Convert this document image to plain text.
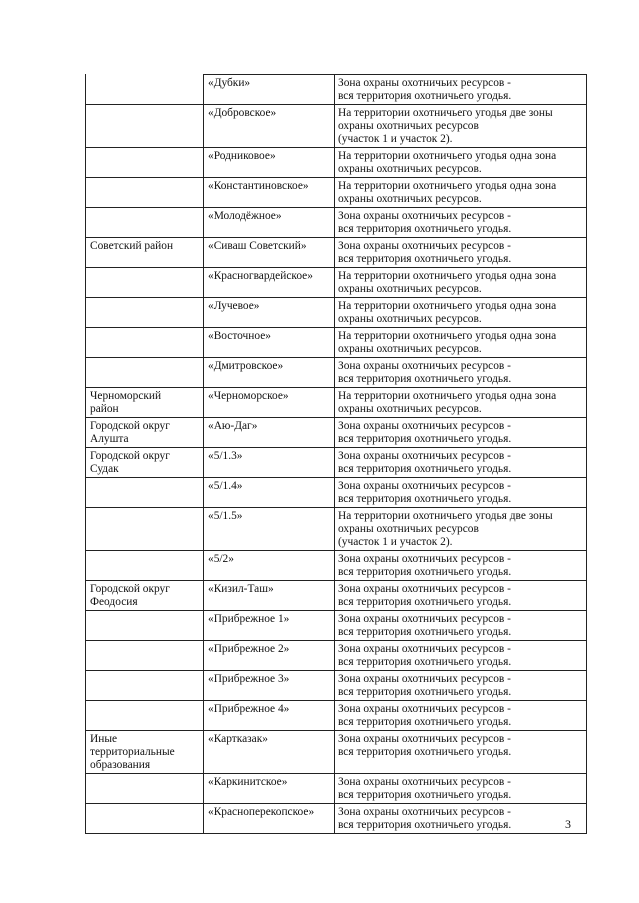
	«Дубки»	Зона охраны охотничьих ресурсов -
вся территория охотничьего угодья.

	«Добровское»	На территории охотничьего угодья две зоны
охраны охотничьих ресурсов
(участок 1 и участок 2).

	«Родниковое»	На территории охотничьего угодья одна зона
охраны охотничьих ресурсов.

	«Константиновское»	На территории охотничьего угодья одна зона
охраны охотничьих ресурсов.

	«Молодёжное»	Зона охраны охотничьих ресурсов -
вся территория охотничьего угодья.

Советский район	«Сиваш Советский»	Зона охраны охотничьих ресурсов -
вся территория охотничьего угодья.

	«Красногвардейское»	На территории охотничьего угодья одна зона
охраны охотничьих ресурсов.

	«Лучевое»	На территории охотничьего угодья одна зона
охраны охотничьих ресурсов.

	«Восточное»	На территории охотничьего угодья одна зона
охраны охотничьих ресурсов.

	«Дмитровское»	Зона охраны охотничьих ресурсов -
вся территория охотничьего угодья.

Черноморский
район	«Черноморское»	На территории охотничьего угодья одна зона
охраны охотничьих ресурсов.

Городской округ
Алушта	«Аю-Даг»	Зона охраны охотничьих ресурсов -
вся территория охотничьего угодья.

Городской округ
Судак	«5/1.3»	Зона охраны охотничьих ресурсов -
вся территория охотничьего угодья.

	«5/1.4»	Зона охраны охотничьих ресурсов -
вся территория охотничьего угодья.

	«5/1.5»	На территории охотничьего угодья две зоны
охраны охотничьих ресурсов
(участок 1 и участок 2).

	«5/2»	Зона охраны охотничьих ресурсов -
вся территория охотничьего угодья.

Городской округ
Феодосия	«Кизил-Таш»	Зона охраны охотничьих ресурсов -
вся территория охотничьего угодья.

	«Прибрежное 1»	Зона охраны охотничьих ресурсов -
вся территория охотничьего угодья.

	«Прибрежное 2»	Зона охраны охотничьих ресурсов -
вся территория охотничьего угодья.

	«Прибрежное 3»	Зона охраны охотничьих ресурсов -
вся территория охотничьего угодья.

	«Прибрежное 4»	Зона охраны охотничьих ресурсов -
вся территория охотничьего угодья.

Иные
территориальные
образования	«Картказак»	Зона охраны охотничьих ресурсов -
вся территория охотничьего угодья.

	«Каркинитское»	Зона охраны охотничьих ресурсов -
вся территория охотничьего угодья.

	«Красноперекопское»	Зона охраны охотничьих ресурсов -
вся территория охотничьего угодья.	3
